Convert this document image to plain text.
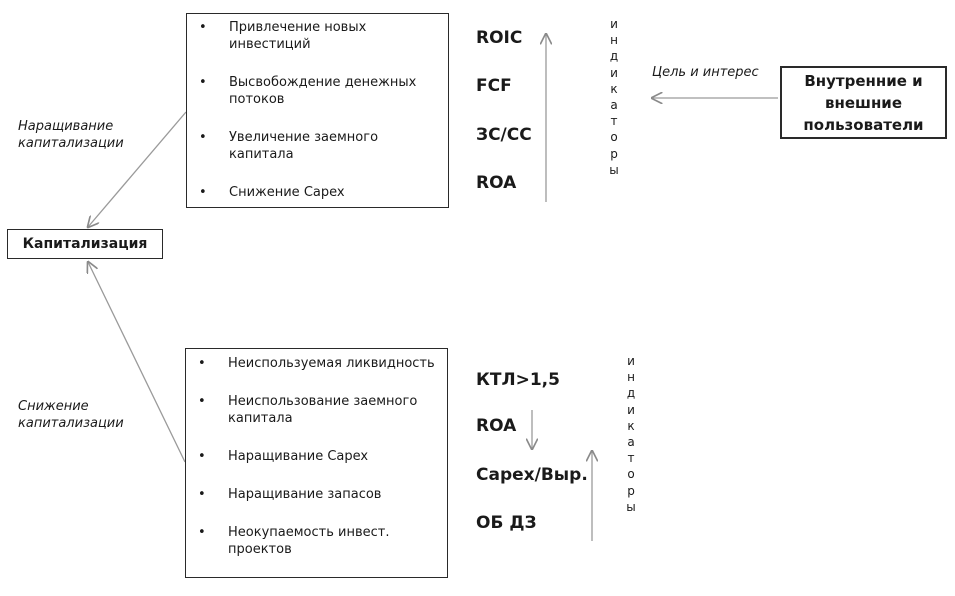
• Привлечение новых инвестиций
• Высвобождение денежных потоков
• Увеличение заемного капитала
• Снижение Capex
• Неиспользуемая ликвидность
• Неиспользование заемного капитала
• Наращивание Capex
• Наращивание запасов
• Неокупаемость инвест. проектов
Капитализация
Внутренние и внешние пользователи
Цель и интерес
Наращивание капитализации
Снижение капитализации
ROIC
FCF
ЗС/СС
ROA
КТЛ>1,5
ROA
Capex/Выр.
ОБ ДЗ
и
н
д
и
к
а
т
о
р
ы
и
н
д
и
к
а
т
о
р
ы
